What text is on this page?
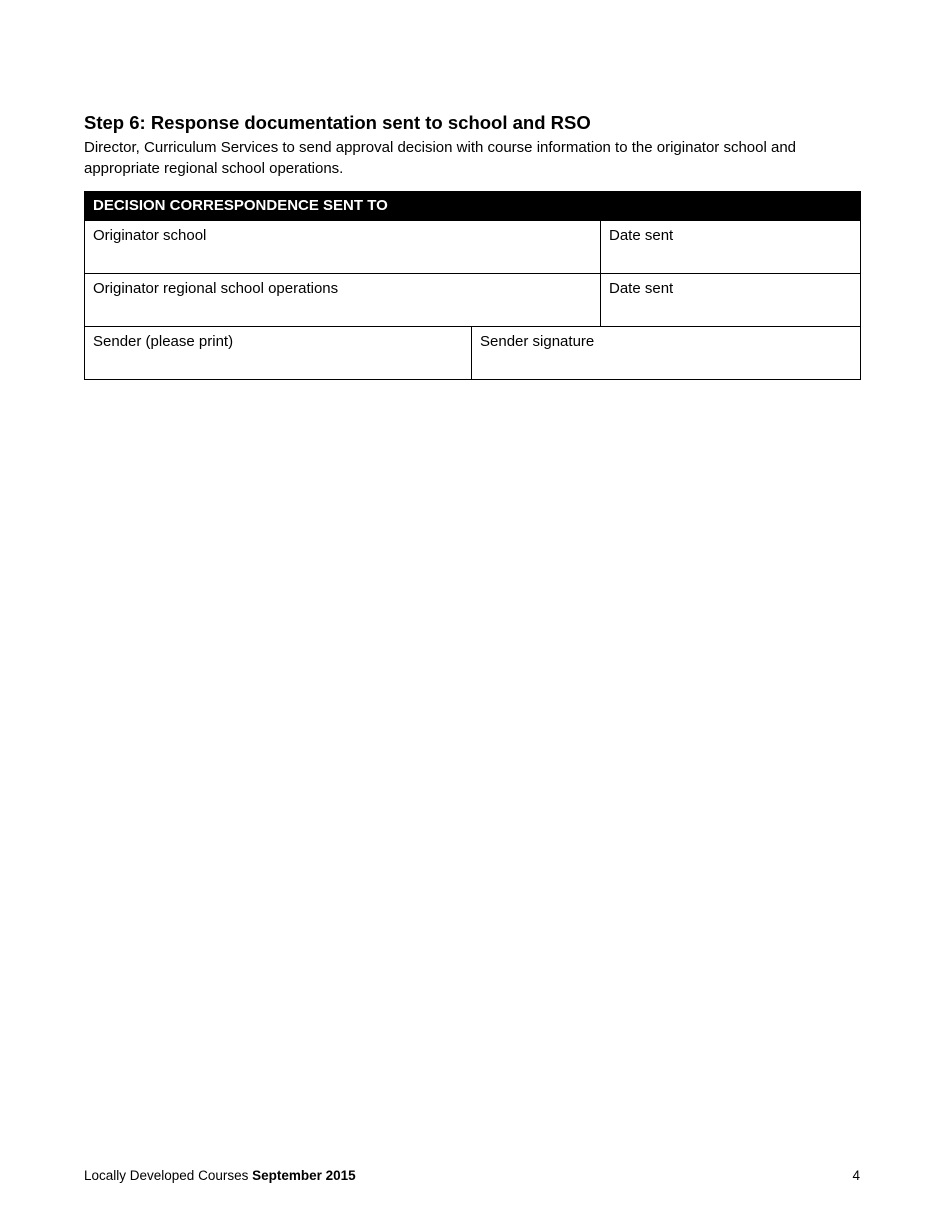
Step 6: Response documentation sent to school and RSO

Director, Curriculum Services to send approval decision with course information to the originator school and appropriate regional school operations.

DECISION CORRESPONDENCE SENT TO		
Originator school		Date sent
Originator regional school operations		Date sent
Sender (please print)	Sender signature	
Locally Developed Courses September 2015	4
